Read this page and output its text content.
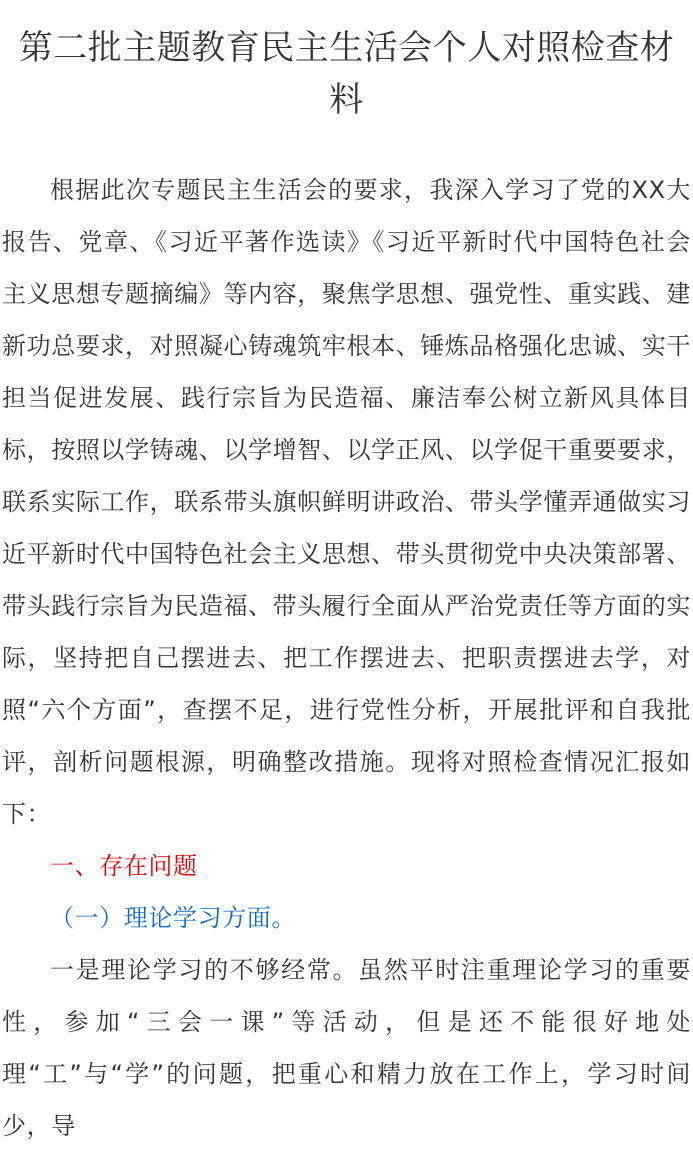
第二批主题教育民主生活会个人对照检查材料

根据此次专题民主生活会的要求，我深入学习了党的XX大报告、党章、《习近平著作选读》《习近平新时代中国特色社会主义思想专题摘编》等内容，聚焦学思想、强党性、重实践、建新功总要求，对照凝心铸魂筑牢根本、锤炼品格强化忠诚、实干担当促进发展、践行宗旨为民造福、廉洁奉公树立新风具体目标，按照以学铸魂、以学增智、以学正风、以学促干重要要求，联系实际工作，联系带头旗帜鲜明讲政治、带头学懂弄通做实习近平新时代中国特色社会主义思想、带头贯彻党中央决策部署、带头践行宗旨为民造福、带头履行全面从严治党责任等方面的实际，坚持把自己摆进去、把工作摆进去、把职责摆进去学，对照“六个方面”，查摆不足，进行党性分析，开展批评和自我批评，剖析问题根源，明确整改措施。现将对照检查情况汇报如下：

一、存在问题

（一）理论学习方面。

一是理论学习的不够经常。虽然平时注重理论学习的重要性，参加“三会一课”等活动，但是还不能很好地处理“工”与“学”的问题，把重心和精力放在工作上，学习时间少，导
